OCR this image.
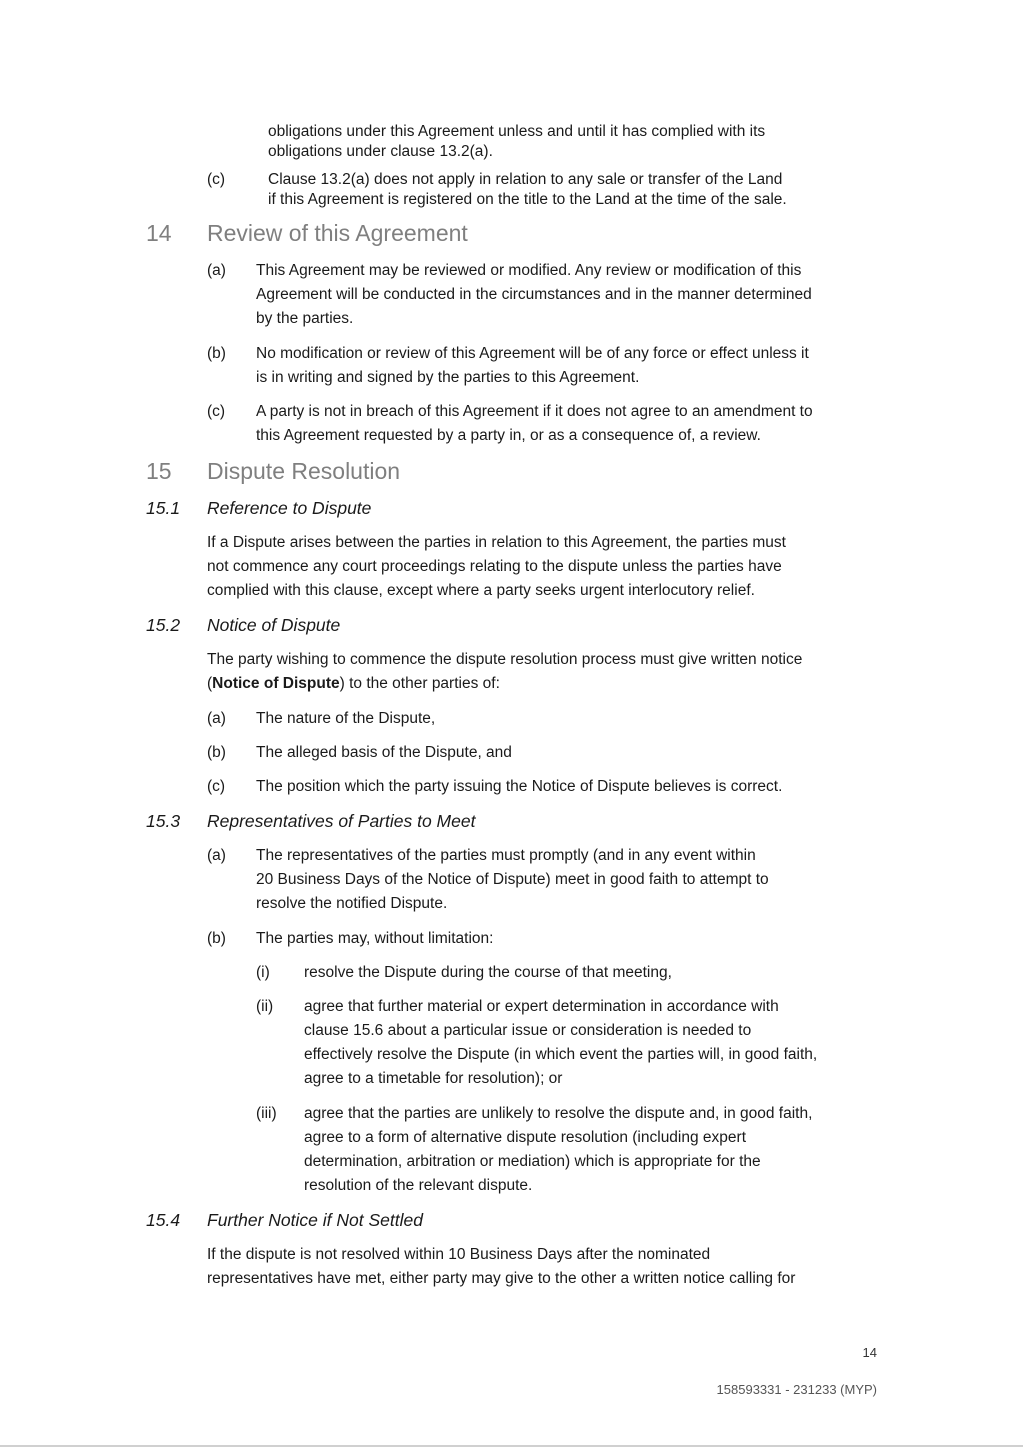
obligations under this Agreement unless and until it has complied with its
obligations under clause 13.2(a).
(c)	Clause 13.2(a) does not apply in relation to any sale or transfer of the Land
if this Agreement is registered on the title to the Land at the time of the sale.
14 Review of this Agreement
(a) This Agreement may be reviewed or modified. Any review or modification of this
Agreement will be conducted in the circumstances and in the manner determined
by the parties.
(b) No modification or review of this Agreement will be of any force or effect unless it
is in writing and signed by the parties to this Agreement.
(c) A party is not in breach of this Agreement if it does not agree to an amendment to
this Agreement requested by a party in, or as a consequence of, a review.
15 Dispute Resolution
15.1 Reference to Dispute
If a Dispute arises between the parties in relation to this Agreement, the parties must
not commence any court proceedings relating to the dispute unless the parties have
complied with this clause, except where a party seeks urgent interlocutory relief.
15.2 Notice of Dispute
The party wishing to commence the dispute resolution process must give written notice
(Notice of Dispute) to the other parties of:
(a) The nature of the Dispute,
(b) The alleged basis of the Dispute, and
(c) The position which the party issuing the Notice of Dispute believes is correct.
15.3 Representatives of Parties to Meet
(a) The representatives of the parties must promptly (and in any event within
20 Business Days of the Notice of Dispute) meet in good faith to attempt to
resolve the notified Dispute.
(b) The parties may, without limitation:
(i) resolve the Dispute during the course of that meeting,
(ii) agree that further material or expert determination in accordance with
clause 15.6 about a particular issue or consideration is needed to
effectively resolve the Dispute (in which event the parties will, in good faith,
agree to a timetable for resolution); or
(iii) agree that the parties are unlikely to resolve the dispute and, in good faith,
agree to a form of alternative dispute resolution (including expert
determination, arbitration or mediation) which is appropriate for the
resolution of the relevant dispute.
15.4 Further Notice if Not Settled
If the dispute is not resolved within 10 Business Days after the nominated
representatives have met, either party may give to the other a written notice calling for
14
158593331 - 231233 (MYP)
